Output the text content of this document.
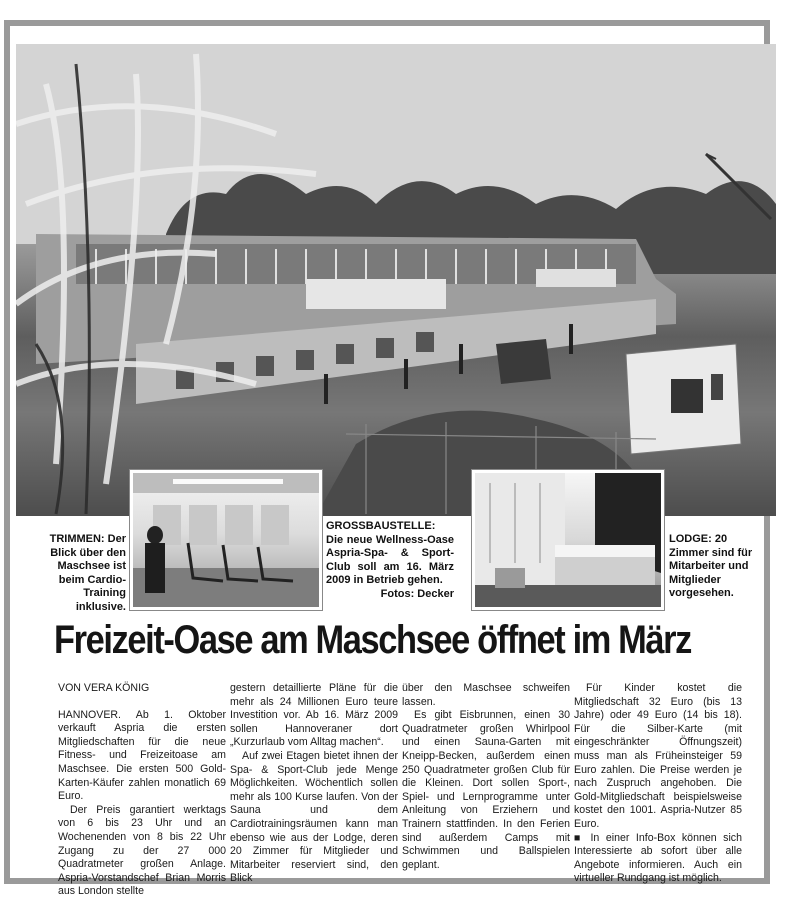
TRIMMEN: Der Blick über den Maschsee ist beim Cardio-Training inklusive.
GROSSBAUSTELLE: Die neue Wellness-Oase Aspria-Spa- & Sport-Club soll am 16. März 2009 in Betrieb gehen.
Fotos: Decker
LODGE: 20 Zimmer sind für Mitarbeiter und Mitglieder vorgesehen.
Freizeit-Oase am Maschsee öffnet im März
VON VERA KÖNIG

HANNOVER. Ab 1. Oktober verkauft Aspria die ersten Mitgliedschaften für die neue Fitness- und Freizeitoase am Maschsee. Die ersten 500 Gold-Karten-Käufer zahlen monatlich 69 Euro.

Der Preis garantiert werktags von 6 bis 23 Uhr und an Wochenenden von 8 bis 22 Uhr Zugang zu der 27 000 Quadratmeter großen Anlage. Aspria-Vorstandschef Brian Morris aus London stellte

gestern detaillierte Pläne für die mehr als 24 Millionen Euro teure Investition vor. Ab 16. März 2009 sollen Hannoveraner dort „Kurzurlaub vom Alltag machen“.

Auf zwei Etagen bietet ihnen der Spa- & Sport-Club jede Menge Möglichkeiten. Wöchentlich sollen mehr als 100 Kurse laufen. Von der Sauna und dem Cardiotrainingsräumen kann man ebenso wie aus der Lodge, deren 20 Zimmer für Mitglieder und Mitarbeiter reserviert sind, den Blick

über den Maschsee schweifen lassen.

Es gibt Eisbrunnen, einen 30 Quadratmeter großen Whirlpool und einen Sauna-Garten mit Kneipp-Becken, außerdem einen 250 Quadratmeter großen Club für die Kleinen. Dort sollen Sport-, Spiel- und Lernprogramme unter Anleitung von Erziehern und Trainern stattfinden. In den Ferien sind außerdem Camps mit Schwimmen und Ballspielen geplant.

Für Kinder kostet die Mitgliedschaft 32 Euro (bis 13 Jahre) oder 49 Euro (14 bis 18). Für die Silber-Karte (mit eingeschränkter Öffnungszeit) muss man als Früheinsteiger 59 Euro zahlen. Die Preise werden je nach Zuspruch angehoben. Die Gold-Mitgliedschaft beispielsweise kostet den 1001. Aspria-Nutzer 85 Euro.

■ In einer Info-Box können sich Interessierte ab sofort über alle Angebote informieren. Auch ein virtueller Rundgang ist möglich.
